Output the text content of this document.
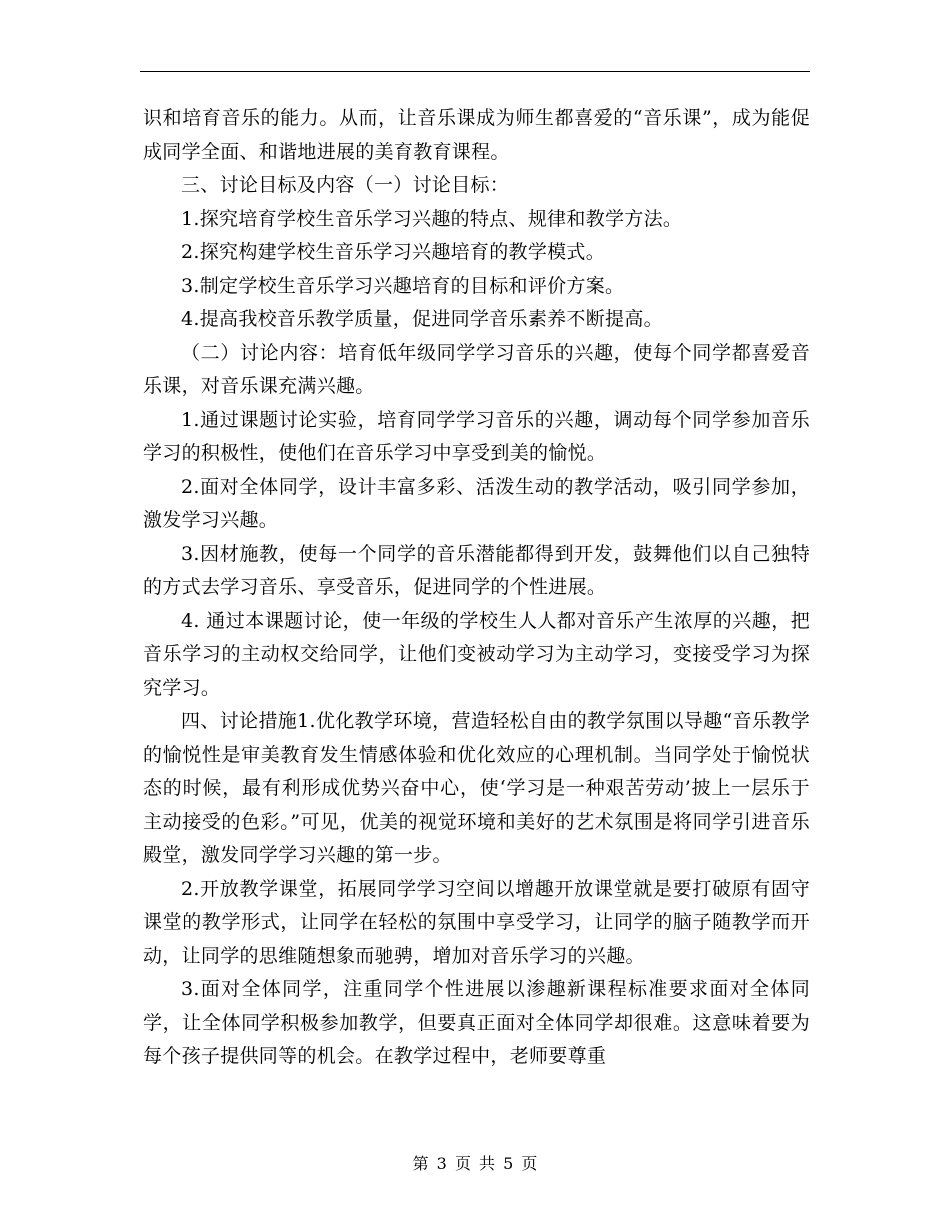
识和培育音乐的能力。从而，让音乐课成为师生都喜爱的“音乐课”，成为能促成同学全面、和谐地进展的美育教育课程。

三、讨论目标及内容（一）讨论目标：

1.探究培育学校生音乐学习兴趣的特点、规律和教学方法。

2.探究构建学校生音乐学习兴趣培育的教学模式。

3.制定学校生音乐学习兴趣培育的目标和评价方案。

4.提高我校音乐教学质量，促进同学音乐素养不断提高。

（二）讨论内容：培育低年级同学学习音乐的兴趣，使每个同学都喜爱音乐课，对音乐课充满兴趣。

1.通过课题讨论实验，培育同学学习音乐的兴趣，调动每个同学参加音乐学习的积极性，使他们在音乐学习中享受到美的愉悦。

2.面对全体同学，设计丰富多彩、活泼生动的教学活动，吸引同学参加，激发学习兴趣。

3.因材施教，使每一个同学的音乐潜能都得到开发，鼓舞他们以自己独特的方式去学习音乐、享受音乐，促进同学的个性进展。

4. 通过本课题讨论，使一年级的学校生人人都对音乐产生浓厚的兴趣，把音乐学习的主动权交给同学，让他们变被动学习为主动学习，变接受学习为探究学习。

四、讨论措施1.优化教学环境，营造轻松自由的教学氛围以导趣“音乐教学的愉悦性是审美教育发生情感体验和优化效应的心理机制。当同学处于愉悦状态的时候，最有利形成优势兴奋中心，使‘学习是一种艰苦劳动’披上一层乐于主动接受的色彩。”可见，优美的视觉环境和美好的艺术氛围是将同学引进音乐殿堂，激发同学学习兴趣的第一步。

2.开放教学课堂，拓展同学学习空间以增趣开放课堂就是要打破原有固守课堂的教学形式，让同学在轻松的氛围中享受学习，让同学的脑子随教学而开动，让同学的思维随想象而驰骋，增加对音乐学习的兴趣。

3.面对全体同学，注重同学个性进展以渗趣新课程标准要求面对全体同学，让全体同学积极参加教学，但要真正面对全体同学却很难。这意味着要为每个孩子提供同等的机会。在教学过程中，老师要尊重

第 3 页 共 5 页
